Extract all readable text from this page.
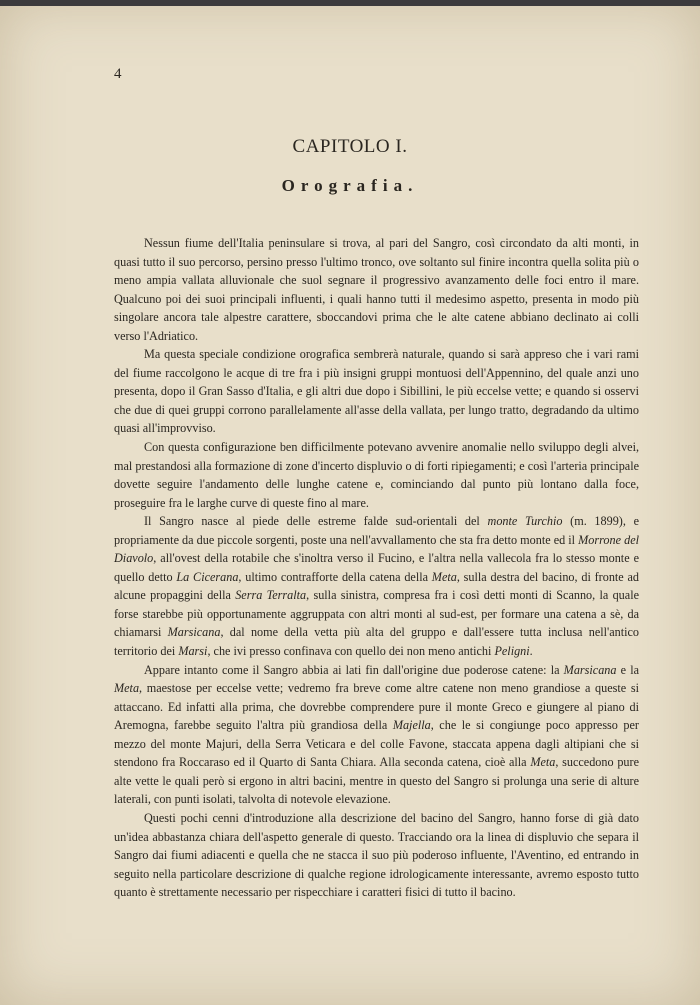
4
CAPITOLO I.
Orografia.

Nessun fiume dell'Italia peninsulare si trova, al pari del Sangro, così circondato da alti monti, in quasi tutto il suo percorso, persino presso l'ultimo tronco, ove soltanto sul finire incontra quella solita più o meno ampia vallata alluvionale che suol segnare il progressivo avanzamento delle foci entro il mare. Qualcuno poi dei suoi principali influenti, i quali hanno tutti il medesimo aspetto, presenta in modo più singolare ancora tale alpestre carattere, sboccandovi prima che le alte catene abbiano declinato ai colli verso l'Adriatico.

Ma questa speciale condizione orografica sembrerà naturale, quando si sarà appreso che i vari rami del fiume raccolgono le acque di tre fra i più insigni gruppi montuosi dell'Appennino, del quale anzi uno presenta, dopo il Gran Sasso d'Italia, e gli altri due dopo i Sibillini, le più eccelse vette; e quando si osservi che due di quei gruppi corrono parallelamente all'asse della vallata, per lungo tratto, degradando da ultimo quasi all'improvviso.

Con questa configurazione ben difficilmente potevano avvenire anomalie nello sviluppo degli alvei, mal prestandosi alla formazione di zone d'incerto displuvio o di forti ripiegamenti; e così l'arteria principale dovette seguire l'andamento delle lunghe catene e, cominciando dal punto più lontano dalla foce, proseguire fra le larghe curve di queste fino al mare.

Il Sangro nasce al piede delle estreme falde sud-orientali del monte Turchio (m. 1899), e propriamente da due piccole sorgenti, poste una nell'avvallamento che sta fra detto monte ed il Morrone del Diavolo, all'ovest della rotabile che s'inoltra verso il Fucino, e l'altra nella vallecola fra lo stesso monte e quello detto La Cicerana, ultimo contrafforte della catena della Meta, sulla destra del bacino, di fronte ad alcune propaggini della Serra Terralta, sulla sinistra, compresa fra i così detti monti di Scanno, la quale forse starebbe più opportunamente aggruppata con altri monti al sud-est, per formare una catena a sè, da chiamarsi Marsicana, dal nome della vetta più alta del gruppo e dall'essere tutta inclusa nell'antico territorio dei Marsi, che ivi presso confinava con quello dei non meno antichi Peligni.

Appare intanto come il Sangro abbia ai lati fin dall'origine due poderose catene: la Marsicana e la Meta, maestose per eccelse vette; vedremo fra breve come altre catene non meno grandiose a queste si attaccano. Ed infatti alla prima, che dovrebbe comprendere pure il monte Greco e giungere al piano di Aremogna, farebbe seguito l'altra più grandiosa della Majella, che le si congiunge poco appresso per mezzo del monte Majuri, della Serra Veticara e del colle Favone, staccata appena dagli altipiani che si stendono fra Roccaraso ed il Quarto di Santa Chiara. Alla seconda catena, cioè alla Meta, succedono pure alte vette le quali però si ergono in altri bacini, mentre in questo del Sangro si prolunga una serie di alture laterali, con punti isolati, talvolta di notevole elevazione.

Questi pochi cenni d'introduzione alla descrizione del bacino del Sangro, hanno forse di già dato un'idea abbastanza chiara dell'aspetto generale di questo. Tracciando ora la linea di displuvio che separa il Sangro dai fiumi adiacenti e quella che ne stacca il suo più poderoso influente, l'Aventino, ed entrando in seguito nella particolare descrizione di qualche regione idrologicamente interessante, avremo esposto tutto quanto è strettamente necessario per rispecchiare i caratteri fisici di tutto il bacino.
